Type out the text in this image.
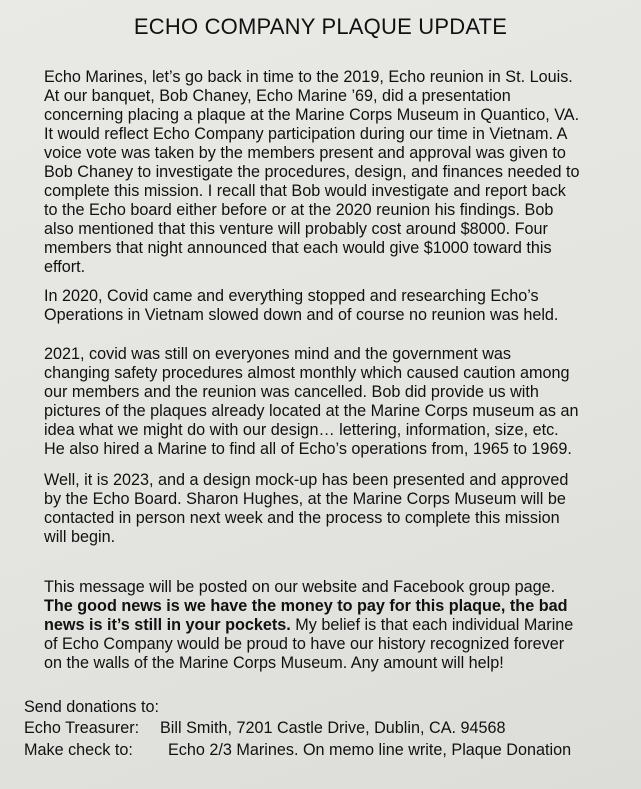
ECHO COMPANY PLAQUE UPDATE

Echo Marines, let’s go back in time to the 2019, Echo reunion in St. Louis.
At our banquet, Bob Chaney, Echo Marine ’69, did a presentation
concerning placing a plaque at the Marine Corps Museum in Quantico, VA.
It would reflect Echo Company participation during our time in Vietnam. A
voice vote was taken by the members present and approval was given to
Bob Chaney to investigate the procedures, design, and finances needed to
complete this mission. I recall that Bob would investigate and report back
to the Echo board either before or at the 2020 reunion his findings. Bob
also mentioned that this venture will probably cost around $8000. Four
members that night announced that each would give $1000 toward this
effort.

In 2020, Covid came and everything stopped and researching Echo’s
Operations in Vietnam slowed down and of course no reunion was held.

2021, covid was still on everyones mind and the government was
changing safety procedures almost monthly which caused caution among
our members and the reunion was cancelled. Bob did provide us with
pictures of the plaques already located at the Marine Corps museum as an
idea what we might do with our design… lettering, information, size, etc.
He also hired a Marine to find all of Echo’s operations from, 1965 to 1969.

Well, it is 2023, and a design mock-up has been presented and approved
by the Echo Board. Sharon Hughes, at the Marine Corps Museum will be
contacted in person next week and the process to complete this mission
will begin.

This message will be posted on our website and Facebook group page.
The good news is we have the money to pay for this plaque, the bad
news is it’s still in your pockets. My belief is that each individual Marine
of Echo Company would be proud to have our history recognized forever
on the walls of the Marine Corps Museum. Any amount will help!

Send donations to:
Echo Treasurer: Bill Smith, 7201 Castle Drive, Dublin, CA. 94568
Make check to: Echo 2/3 Marines. On memo line write, Plaque Donation
